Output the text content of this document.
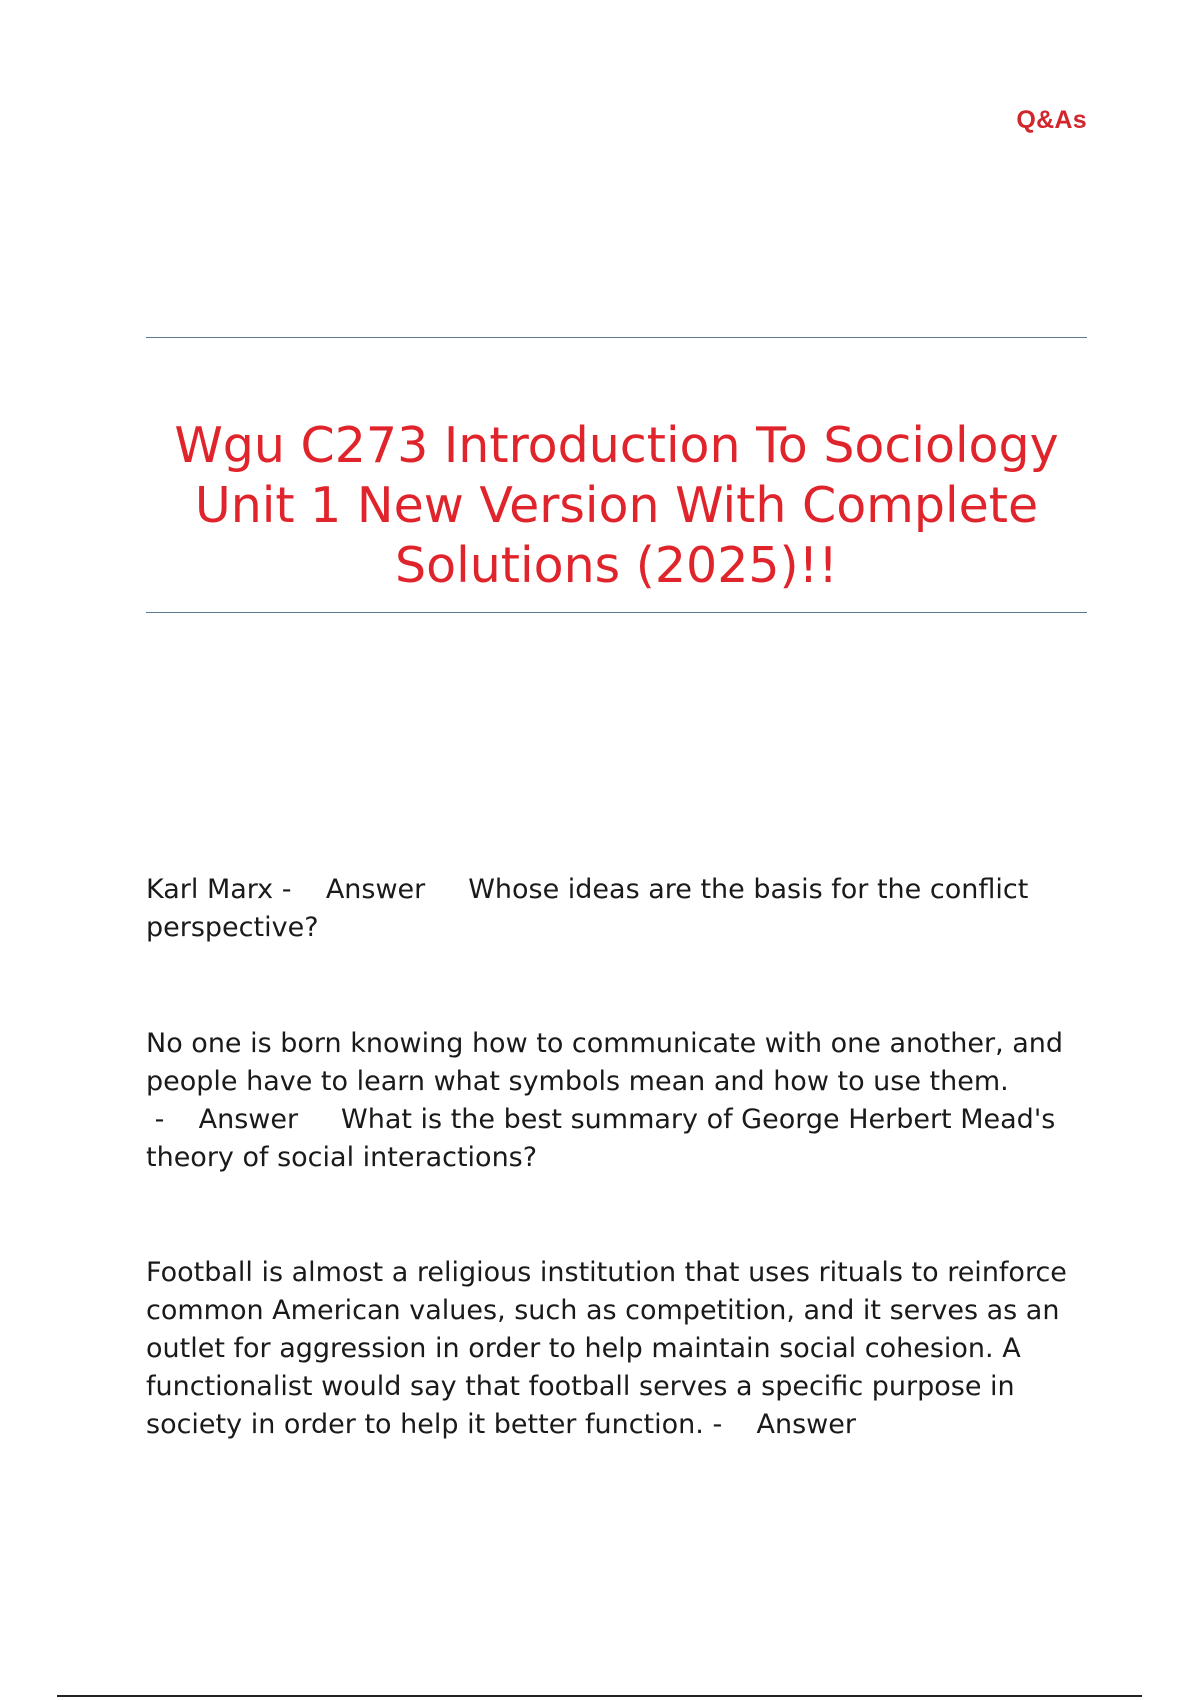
Q&As
Wgu C273 Introduction To Sociology Unit 1 New Version With Complete Solutions (2025)!!

Karl Marx -    Answer Whose ideas are the basis for the conflict perspective?

No one is born knowing how to communicate with one another, and people have to learn what symbols mean and how to use them. -    Answer What is the best summary of George Herbert Mead's theory of social interactions?

Football is almost a religious institution that uses rituals to reinforce common American values, such as competition, and it serves as an outlet for aggression in order to help maintain social cohesion. A functionalist would say that football serves a specific purpose in society in order to help it better function. -    Answer
